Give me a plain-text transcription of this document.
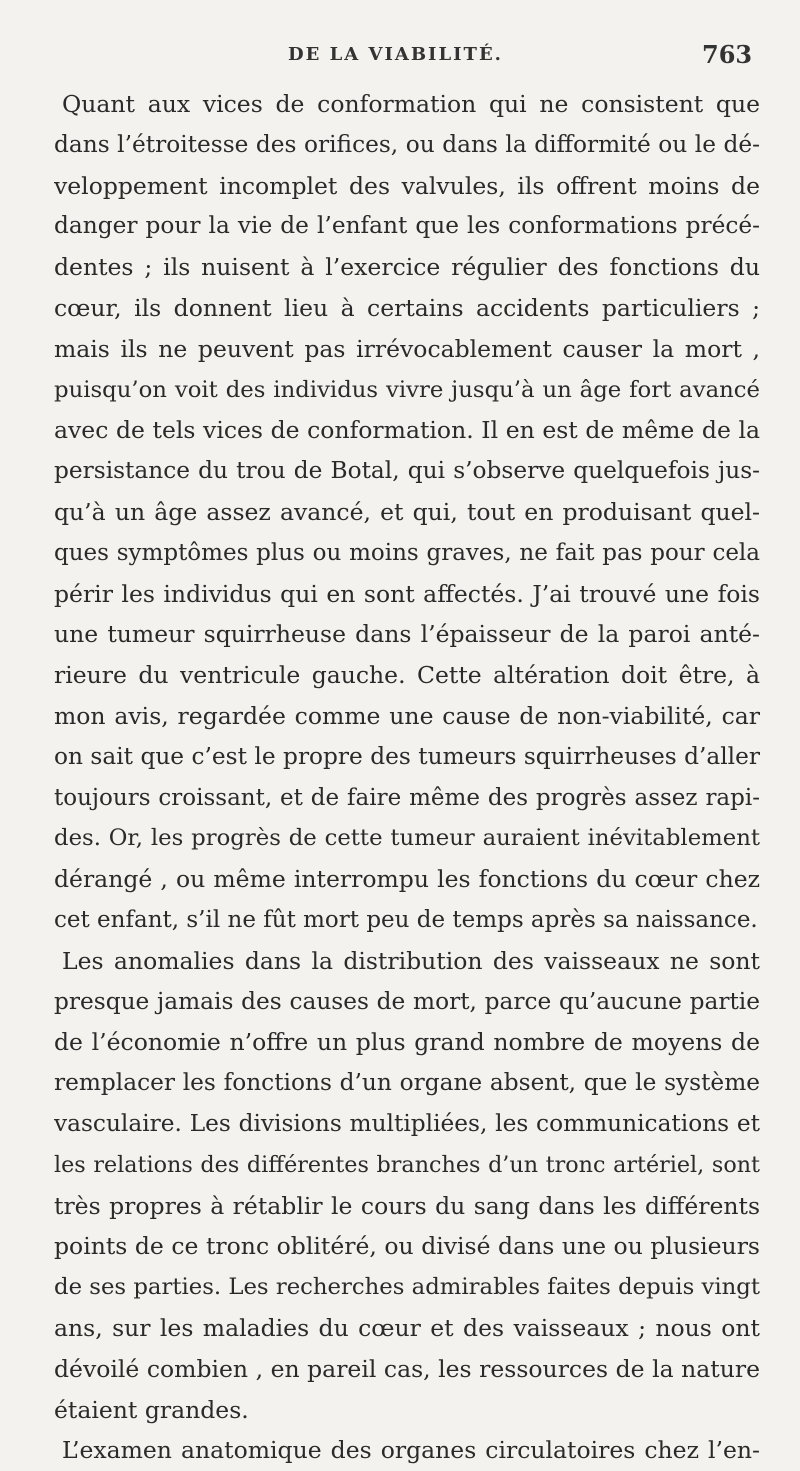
DE LA VIABILITÉ.	763
Quant aux vices de conformation qui ne consistent que
dans l’étroitesse des orifices, ou dans la difformité ou le dé-
veloppement incomplet des valvules, ils offrent moins de
danger pour la vie de l’enfant que les conformations précé-
dentes ; ils nuisent à l’exercice régulier des fonctions du
cœur, ils donnent lieu à certains accidents particuliers ;
mais ils ne peuvent pas irrévocablement causer la mort ,
puisqu’on voit des individus vivre jusqu’à un âge fort avancé
avec de tels vices de conformation. Il en est de même de la
persistance du trou de Botal, qui s’observe quelquefois jus-
qu’à un âge assez avancé, et qui, tout en produisant quel-
ques symptômes plus ou moins graves, ne fait pas pour cela
périr les individus qui en sont affectés. J’ai trouvé une fois
une tumeur squirrheuse dans l’épaisseur de la paroi anté-
rieure du ventricule gauche. Cette altération doit être, à
mon avis, regardée comme une cause de non-viabilité, car
on sait que c’est le propre des tumeurs squirrheuses d’aller
toujours croissant, et de faire même des progrès assez rapi-
des. Or, les progrès de cette tumeur auraient inévitablement
dérangé , ou même interrompu les fonctions du cœur chez
cet enfant, s’il ne fût mort peu de temps après sa naissance.
Les anomalies dans la distribution des vaisseaux ne sont
presque jamais des causes de mort, parce qu’aucune partie
de l’économie n’offre un plus grand nombre de moyens de
remplacer les fonctions d’un organe absent, que le système
vasculaire. Les divisions multipliées, les communications et
les relations des différentes branches d’un tronc artériel, sont
très propres à rétablir le cours du sang dans les différents
points de ce tronc oblitéré, ou divisé dans une ou plusieurs
de ses parties. Les recherches admirables faites depuis vingt
ans, sur les maladies du cœur et des vaisseaux ; nous ont
dévoilé combien , en pareil cas, les ressources de la nature
étaient grandes.
L’examen anatomique des organes circulatoires chez l’en-
